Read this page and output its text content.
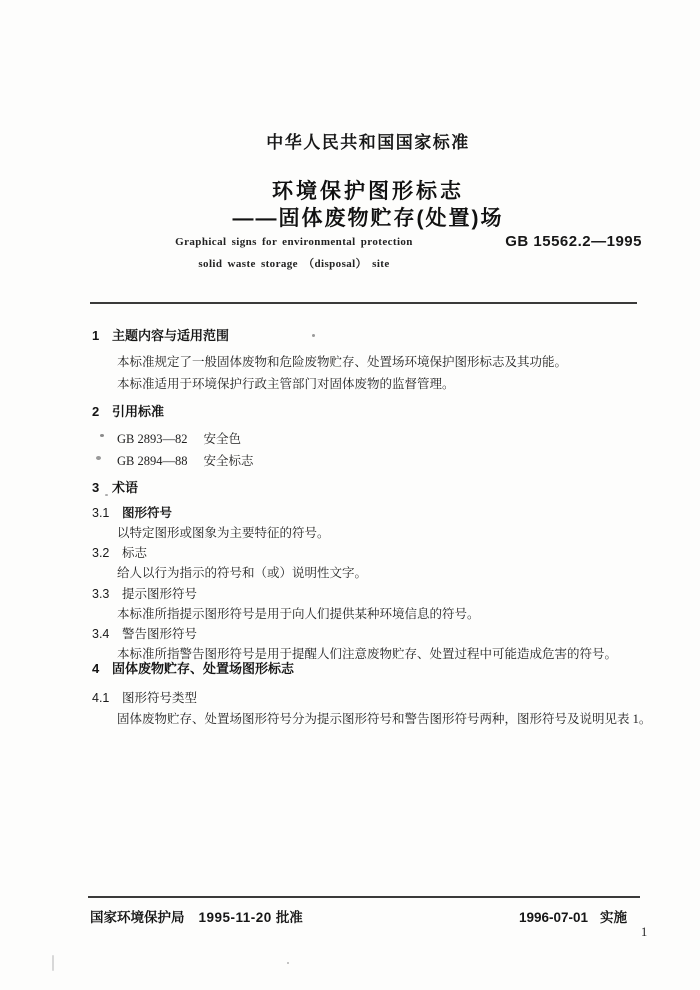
中华人民共和国国家标准
环境保护图形标志
——固体废物贮存(处置)场
Graphical signs for environmental protection
solid waste storage （disposal） site
GB 15562.2—1995
1 主题内容与适用范围
本标准规定了一般固体废物和危险废物贮存、处置场环境保护图形标志及其功能。
本标准适用于环境保护行政主管部门对固体废物的监督管理。
2 引用标准
GB 2893—82 安全色
GB 2894—88 安全标志
3 术语
3.1 图形符号
以特定图形或图象为主要特征的符号。
3.2 标志
给人以行为指示的符号和（或）说明性文字。
3.3 提示图形符号
本标准所指提示图形符号是用于向人们提供某种环境信息的符号。
3.4 警告图形符号
本标准所指警告图形符号是用于提醒人们注意废物贮存、处置过程中可能造成危害的符号。
4 固体废物贮存、处置场图形标志
4.1 图形符号类型
固体废物贮存、处置场图形符号分为提示图形符号和警告图形符号两种，图形符号及说明见表 1。
国家环境保护局 1995-11-20 批准	1996-07-01 实施
1
